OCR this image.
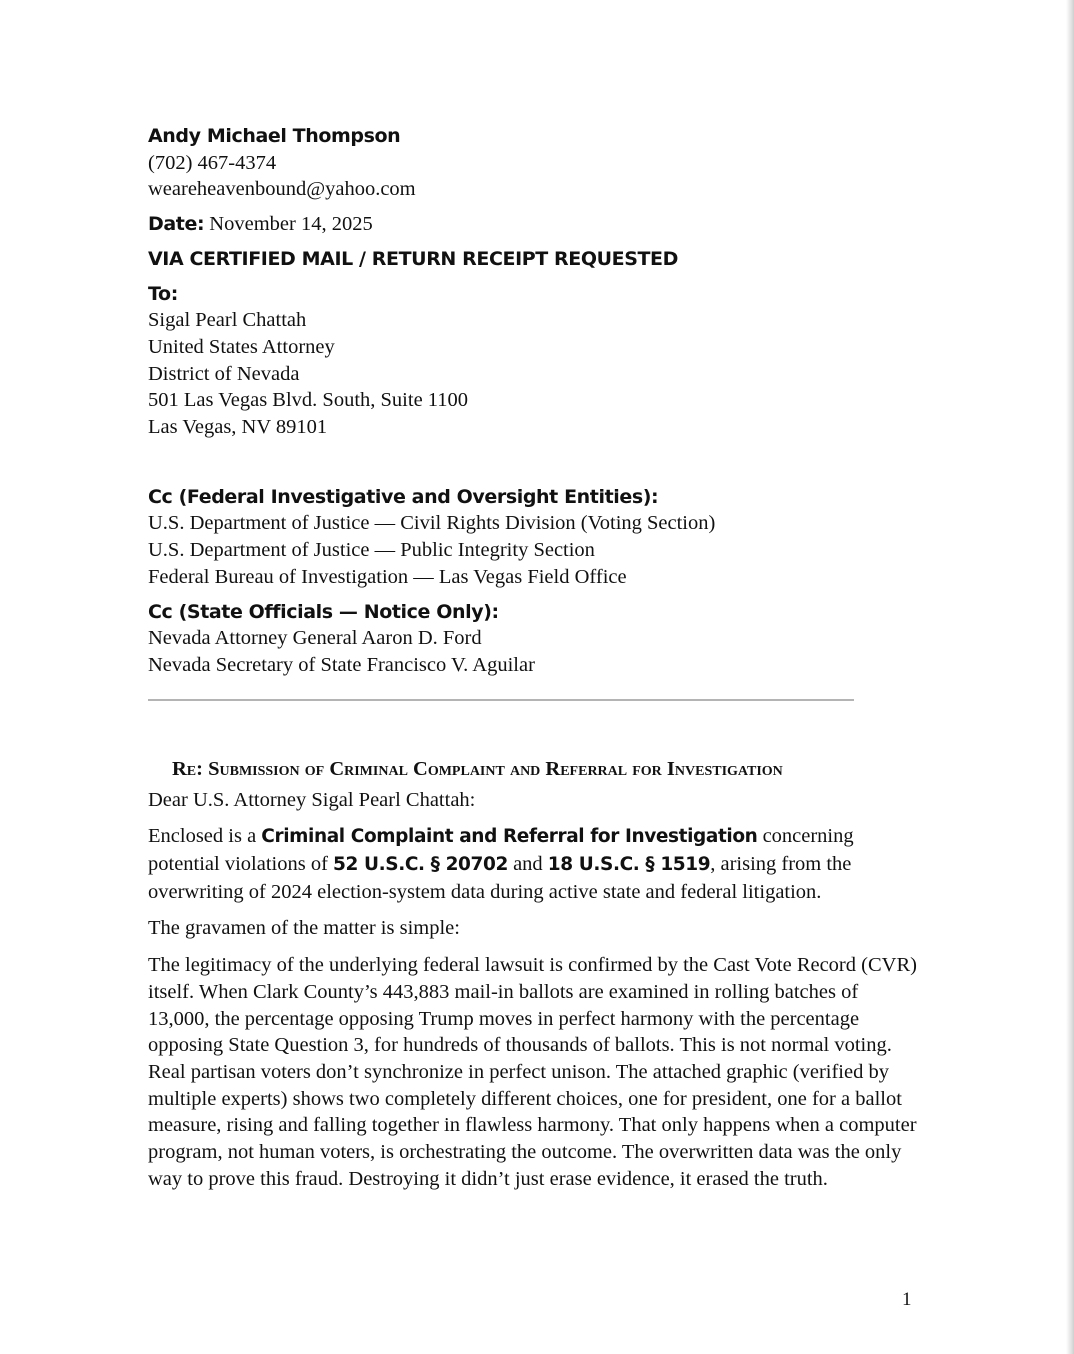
Andy Michael Thompson
(702) 467-4374
weareheavenbound@yahoo.com
Date: November 14, 2025
VIA CERTIFIED MAIL / RETURN RECEIPT REQUESTED
To:
Sigal Pearl Chattah
United States Attorney
District of Nevada
501 Las Vegas Blvd. South, Suite 1100
Las Vegas, NV 89101
Cc (Federal Investigative and Oversight Entities):
U.S. Department of Justice — Civil Rights Division (Voting Section)
U.S. Department of Justice — Public Integrity Section
Federal Bureau of Investigation — Las Vegas Field Office
Cc (State Officials — Notice Only):
Nevada Attorney General Aaron D. Ford
Nevada Secretary of State Francisco V. Aguilar
Re: Submission of Criminal Complaint and Referral for Investigation

Dear U.S. Attorney Sigal Pearl Chattah:

Enclosed is a Criminal Complaint and Referral for Investigation concerning potential violations of 52 U.S.C. § 20702 and 18 U.S.C. § 1519, arising from the overwriting of 2024 election-system data during active state and federal litigation.

The gravamen of the matter is simple:

The legitimacy of the underlying federal lawsuit is confirmed by the Cast Vote Record (CVR) itself. When Clark County’s 443,883 mail-in ballots are examined in rolling batches of 13,000, the percentage opposing Trump moves in perfect harmony with the percentage opposing State Question 3, for hundreds of thousands of ballots. This is not normal voting. Real partisan voters don’t synchronize in perfect unison. The attached graphic (verified by multiple experts) shows two completely different choices, one for president, one for a ballot measure, rising and falling together in flawless harmony. That only happens when a computer program, not human voters, is orchestrating the outcome. The overwritten data was the only way to prove this fraud. Destroying it didn’t just erase evidence, it erased the truth.

1
